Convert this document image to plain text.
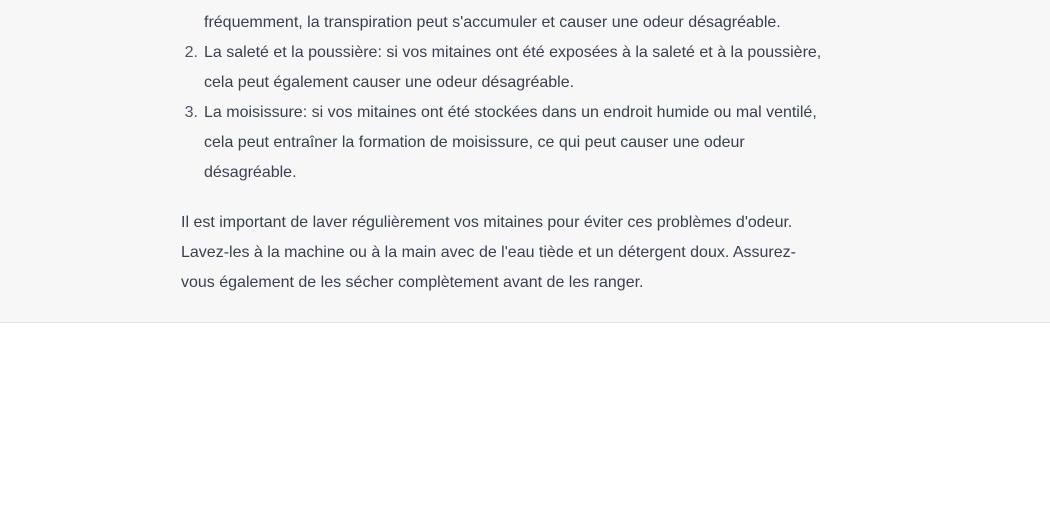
fréquemment, la transpiration peut s'accumuler et causer une odeur désagréable.
2. La saleté et la poussière: si vos mitaines ont été exposées à la saleté et à la poussière,
cela peut également causer une odeur désagréable.
3. La moisissure: si vos mitaines ont été stockées dans un endroit humide ou mal ventilé,
cela peut entraîner la formation de moisissure, ce qui peut causer une odeur
désagréable.
Il est important de laver régulièrement vos mitaines pour éviter ces problèmes d'odeur.
Lavez-les à la machine ou à la main avec de l'eau tiède et un détergent doux. Assurez-
vous également de les sécher complètement avant de les ranger.
